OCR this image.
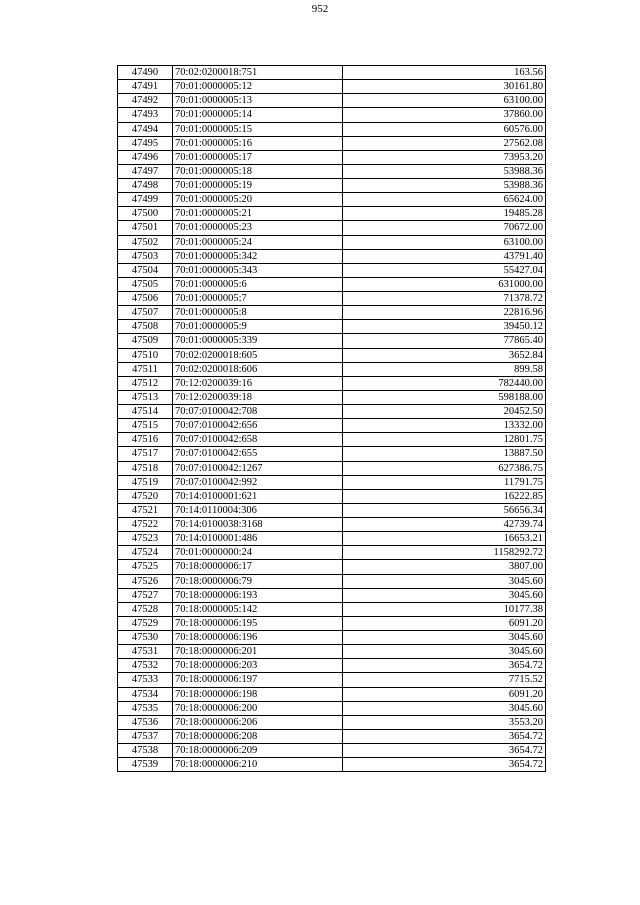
952
47490	70:02:0200018:751	163.56
47491	70:01:0000005:12	30161.80
47492	70:01:0000005:13	63100.00
47493	70:01:0000005:14	37860.00
47494	70:01:0000005:15	60576.00
47495	70:01:0000005:16	27562.08
47496	70:01:0000005:17	73953.20
47497	70:01:0000005:18	53988.36
47498	70:01:0000005:19	53988.36
47499	70:01:0000005:20	65624.00
47500	70:01:0000005:21	19485.28
47501	70:01:0000005:23	70672.00
47502	70:01:0000005:24	63100.00
47503	70:01:0000005:342	43791.40
47504	70:01:0000005:343	55427.04
47505	70:01:0000005:6	631000.00
47506	70:01:0000005:7	71378.72
47507	70:01:0000005:8	22816.96
47508	70:01:0000005:9	39450.12
47509	70:01:0000005:339	77865.40
47510	70:02:0200018:605	3652.84
47511	70:02:0200018:606	899.58
47512	70:12:0200039:16	782440.00
47513	70:12:0200039:18	598188.00
47514	70:07:0100042:708	20452.50
47515	70:07:0100042:656	13332.00
47516	70:07:0100042:658	12801.75
47517	70:07:0100042:655	13887.50
47518	70:07:0100042:1267	627386.75
47519	70:07:0100042:992	11791.75
47520	70:14:0100001:621	16222.85
47521	70:14:0110004:306	56656.34
47522	70:14:0100038:3168	42739.74
47523	70:14:0100001:486	16653.21
47524	70:01:0000000:24	1158292.72
47525	70:18:0000006:17	3807.00
47526	70:18:0000006:79	3045.60
47527	70:18:0000006:193	3045.60
47528	70:18:0000005:142	10177.38
47529	70:18:0000006:195	6091.20
47530	70:18:0000006:196	3045.60
47531	70:18:0000006:201	3045.60
47532	70:18:0000006:203	3654.72
47533	70:18:0000006:197	7715.52
47534	70:18:0000006:198	6091.20
47535	70:18:0000006:200	3045.60
47536	70:18:0000006:206	3553.20
47537	70:18:0000006:208	3654.72
47538	70:18:0000006:209	3654.72
47539	70:18:0000006:210	3654.72
